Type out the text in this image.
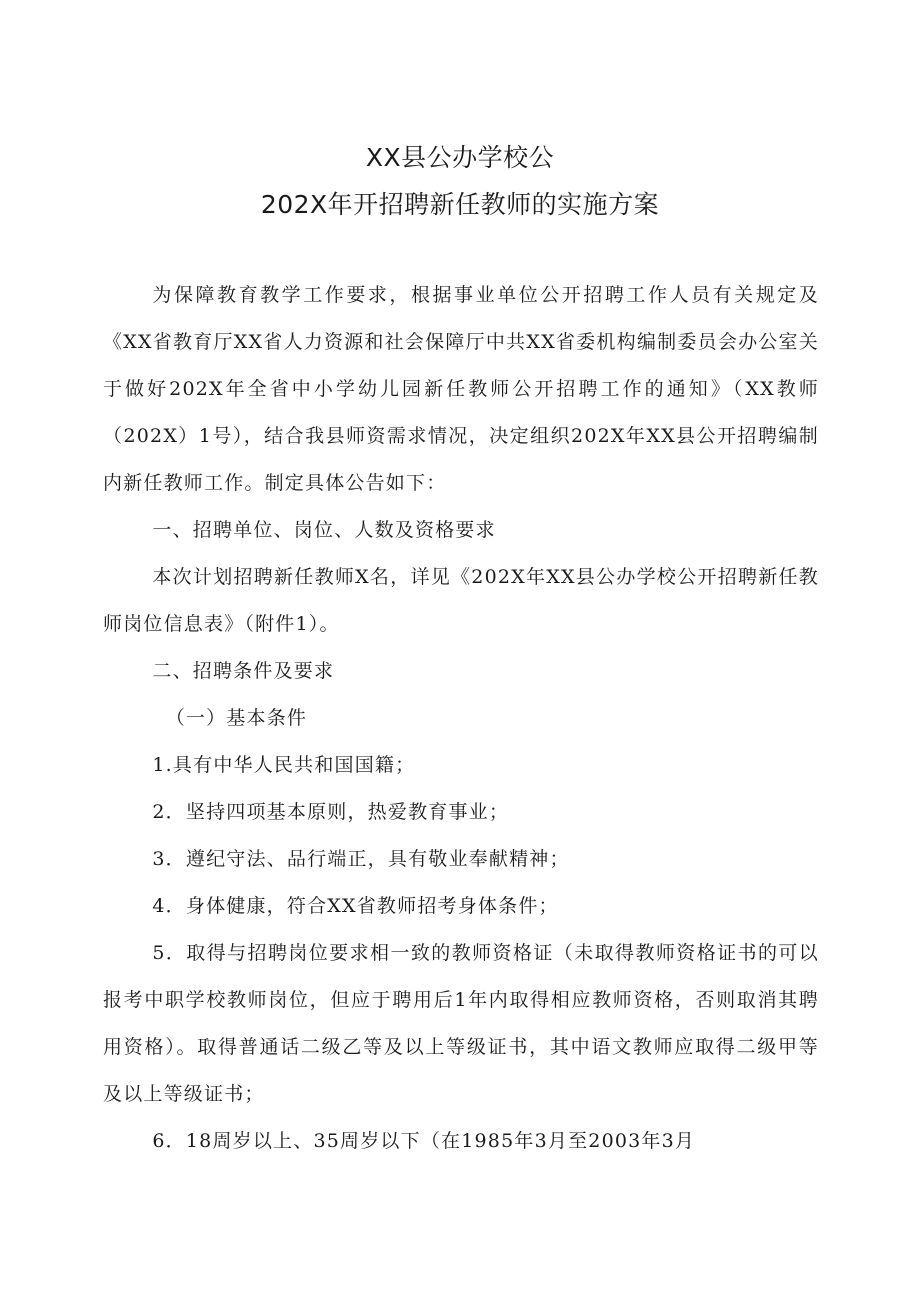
XX县公办学校公
202X年开招聘新任教师的实施方案

为保障教育教学工作要求，根据事业单位公开招聘工作人员有关规定及《XX省教育厅XX省人力资源和社会保障厅中共XX省委机构编制委员会办公室关于做好202X年全省中小学幼儿园新任教师公开招聘工作的通知》（XX教师（202X）1号），结合我县师资需求情况，决定组织202X年XX县公开招聘编制内新任教师工作。制定具体公告如下：

一、招聘单位、岗位、人数及资格要求

本次计划招聘新任教师X名，详见《202X年XX县公办学校公开招聘新任教师岗位信息表》（附件1）。

二、招聘条件及要求

（一）基本条件

1.具有中华人民共和国国籍；

2．坚持四项基本原则，热爱教育事业；

3．遵纪守法、品行端正，具有敬业奉献精神；

4．身体健康，符合XX省教师招考身体条件；

5．取得与招聘岗位要求相一致的教师资格证（未取得教师资格证书的可以报考中职学校教师岗位，但应于聘用后1年内取得相应教师资格，否则取消其聘用资格）。取得普通话二级乙等及以上等级证书，其中语文教师应取得二级甲等及以上等级证书；

6．18周岁以上、35周岁以下（在1985年3月至2003年3月
